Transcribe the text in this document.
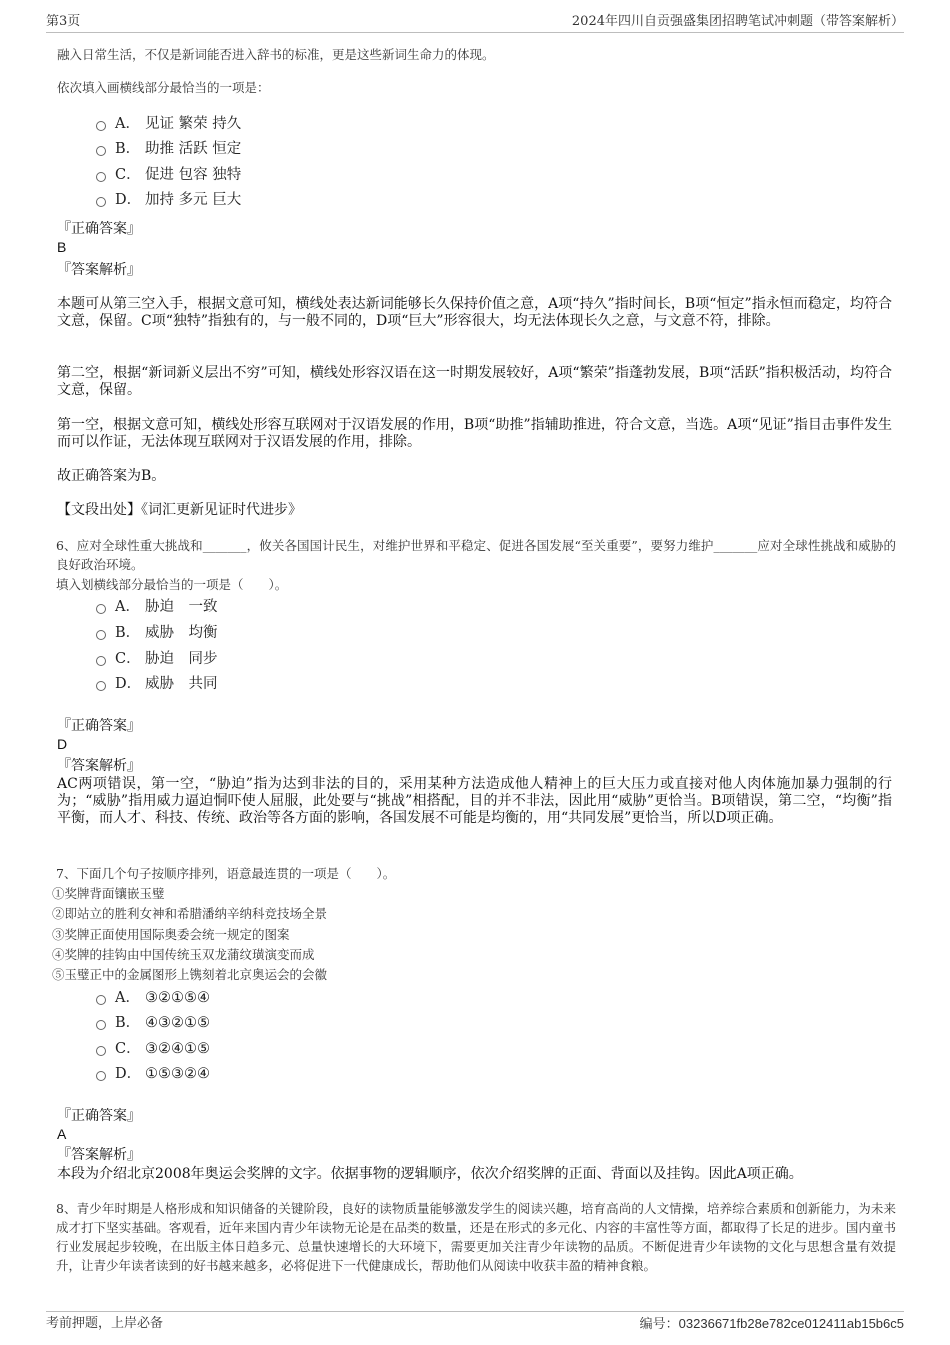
第3页	2024年四川自贡强盛集团招聘笔试冲刺题（带答案解析）
融入日常生活，不仅是新词能否进入辞书的标准，更是这些新词生命力的体现。
依次填入画横线部分最恰当的一项是：
A． 见证 繁荣 持久
B． 助推 活跃 恒定
C． 促进 包容 独特
D． 加持 多元 巨大
『正确答案』
B
『答案解析』
本题可从第三空入手，根据文意可知，横线处表达新词能够长久保持价值之意，A项“持久”指时间长，B项“恒定”指永恒而稳定，均符合文意，保留。C项“独特”指独有的，与一般不同的，D项“巨大”形容很大，均无法体现长久之意，与文意不符，排除。
第二空，根据“新词新义层出不穷”可知，横线处形容汉语在这一时期发展较好，A项“繁荣”指蓬勃发展，B项“活跃”指积极活动，均符合文意，保留。
第一空，根据文意可知，横线处形容互联网对于汉语发展的作用，B项“助推”指辅助推进，符合文意，当选。A项“见证”指目击事件发生而可以作证，无法体现互联网对于汉语发展的作用，排除。
故正确答案为B。
【文段出处】《词汇更新见证时代进步》
6、应对全球性重大挑战和_______，攸关各国国计民生，对维护世界和平稳定、促进各国发展“至关重要”，要努力维护_______应对全球性挑战和威胁的良好政治环境。
填入划横线部分最恰当的一项是（　　）。
A． 胁迫　一致
B． 威胁　均衡
C． 胁迫　同步
D． 威胁　共同
『正确答案』
D
『答案解析』
AC两项错误，第一空，“胁迫”指为达到非法的目的，采用某种方法造成他人精神上的巨大压力或直接对他人肉体施加暴力强制的行为；“威胁”指用威力逼迫恫吓使人屈服，此处要与“挑战”相搭配，目的并不非法，因此用“威胁”更恰当。B项错误，第二空，“均衡”指平衡，而人才、科技、传统、政治等各方面的影响，各国发展不可能是均衡的，用“共同发展”更恰当，所以D项正确。
7、下面几个句子按顺序排列，语意最连贯的一项是（　　）。
①奖牌背面镶嵌玉璧
②即站立的胜利女神和希腊潘纳辛纳科竞技场全景
③奖牌正面使用国际奥委会统一规定的图案
④奖牌的挂钩由中国传统玉双龙蒲纹璜演变而成
⑤玉璧正中的金属图形上镌刻着北京奥运会的会徽
A． ③②①⑤④
B． ④③②①⑤
C． ③②④①⑤
D． ①⑤③②④
『正确答案』
A
『答案解析』
本段为介绍北京2008年奥运会奖牌的文字。依据事物的逻辑顺序，依次介绍奖牌的正面、背面以及挂钩。因此A项正确。
8、青少年时期是人格形成和知识储备的关键阶段，良好的读物质量能够激发学生的阅读兴趣，培育高尚的人文情操，培养综合素质和创新能力，为未来成才打下坚实基础。客观看，近年来国内青少年读物无论是在品类的数量，还是在形式的多元化、内容的丰富性等方面，都取得了长足的进步。国内童书行业发展起步较晚，在出版主体日趋多元、总量快速增长的大环境下，需要更加关注青少年读物的品质。不断促进青少年读物的文化与思想含量有效提升，让青少年读者读到的好书越来越多，必将促进下一代健康成长，帮助他们从阅读中收获丰盈的精神食粮。
考前押题，上岸必备	编号：03236671fb28e782ce012411ab15b6c5
